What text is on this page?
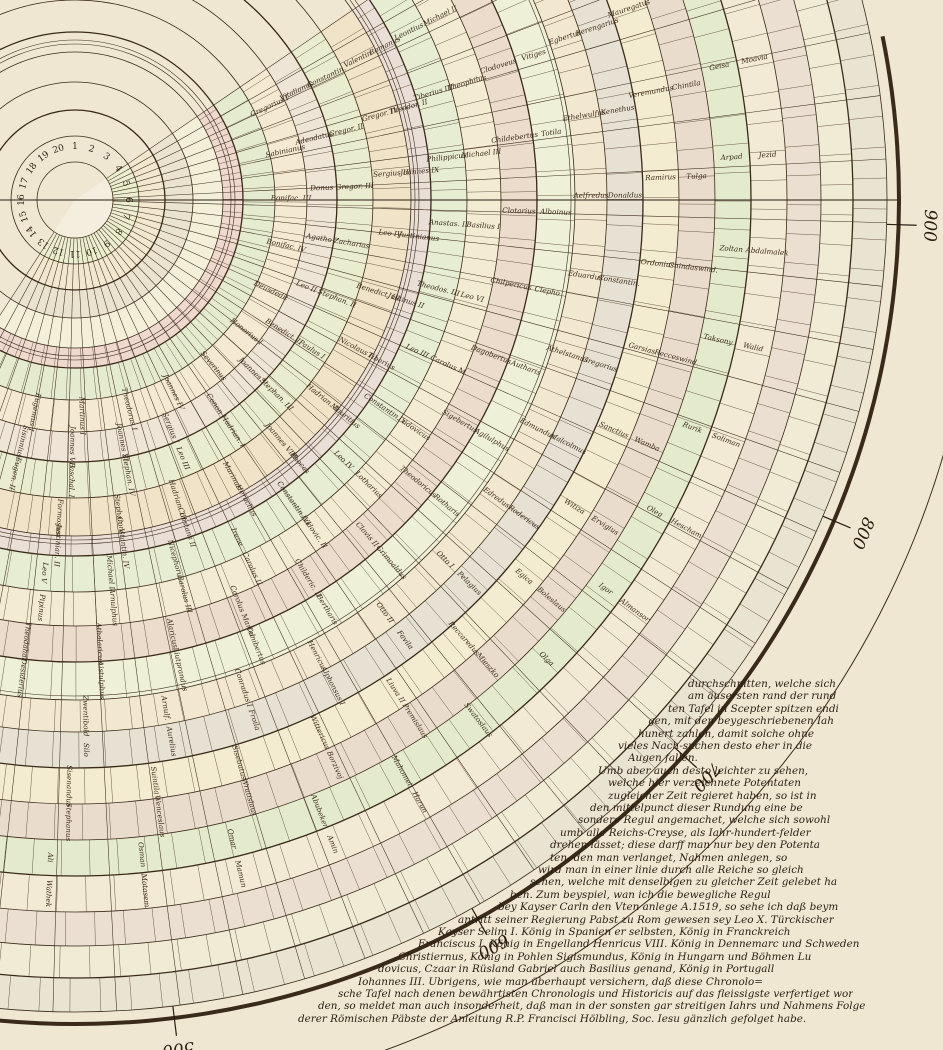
1 2
3
4
5
6
7
8
9
10
11
12
13
14
15
16
17
18
19
20
Gregorius I
Sabinianus
Bonifac. III
Bonifac. IV
Deusdedit
Honorius I
Severinus
Joannes IV
Theodorus I
Martinus I
Eugenius I
Vitalianus
Adeodatus
Donus
Agatho
Leo II
Benedict. II
Joannes V
Conon
Sergius I
Joannes VI
Joannes VII
Sisinnius
Constantin.
Gregor. II
Gregor. III
Zacharias
Stephan. II
Paulus I
Stephan. III
Hadrian. I
Leo III
Stephan. IV
Paschal. I
Eugen. II
Valentin.
Gregor. IV
Sergius II
Leo IV
Benedict. III
Nicolaus I
Hadrian. II
Joannes VIII
Marinus
Hadrian. III
Stephan. V
Formosus
Romanus
Theodor. II
Joannes IX
Justinianus
Justinus II
Tiberius
Mauritius
Phocas
Heraclius
Constans II
Constantin. IV
Justinian. II
Leontius
Tiberius III
Philippicus
Anastas. II
Theodos. III
Leo III
Constantin. V
Leo IV
Constantin. VI
Irene
Nicephorus
Michael I
Leo V
Michael II
Theophilus
Michael III
Basilius I
Leo VI
Carolus M.
Ludovicus
Lotharius
Ludovic. II
Carolus II
Carolus III
Arnulphus
Pipinus
Clodoveus
Childebertus
Clotarius
Chilpericus
Dagobertus
Sigebertus
Theodoricus
Clovis II
Childeric. II
Carolus Martel
Alaricus
Athalaricus
Theodahat
Vitiges
Totila
Alboinus
Clepho
Autharis
Agilulphus
Rotharis
Grimoaldus
Bertharis
Cunibertus
Liutprandus
Aistulphus
Desiderius
Egbertus
Ethelwulfus
Aelfredus
Eduardus
Athelstanus
Edmundus
Edredus
Otto I
Otto II
Henricus
Conradus I
Arnulf.
Zwentibold
Berengarius
Kenethus
Donaldus
Constantin.
Gregorius
Malcolmus
Rodericus
Pelagius
Favila
Alphonsus I
Froila
Aurelius
Silo
Mauregatus
Veremundus
Ramirus
Ordonius
Garsias
Sanctius
Witiza
Egica
Reccaredus
Liuva II
Wittericus
Sisebutus
Suintila
Sisenandus
Chintila
Tulga
Chindaswind.
Recceswind.
Wamba
Ervigius
Boleslaus
Mieszko
Premislaus
Borzivoj
Wratislaus
Wenceslaus
Stephanus
Geisa
Arpad
Zoltan
Taksony
Rurik
Oleg
Igor
Olga
Swatoslaus
Mahomet
Abubeker
Omar
Osman
Ali
Moavia
Jezid
Abdalmalek
Walid
Soliman
Hescham
Almansor
Harun
Amin
Mamun
Motasem
Wathek
500
600
700
800
900
durchschnitten, welche sich
am äusersten rand der rund
ten Tafel in Scepter spitzen endi
gen, mit den beygeschriebenen Iah
hunert zahlen, damit solche ohne
vieles Nach-suchen desto eher in die
Augen fallen.
Umb aber auch desto leichter zu sehen,
welche hier verzeichnete Potentaten
zugleicher Zeit regieret haben, so ist in
den mittelpunct dieser Rundung eine be
sondere Regul angemachet, welche sich sowohl
umb alle Reichs-Creyse, als Iahr-hundert-felder
drehen lässet; diese darff man nur bey den Potenta
ten, den man verlanget, Nahmen anlegen, so
wird man in einer linie durch alle Reiche so gleich
sehen, welche mit denselbigen zu gleicher Zeit gelebet ha
ben. Zum beyspiel, wan ich die bewegliche Regul
bey Kayser Carln den Vten anlege A.1519, so sehe ich daß beym
antritt seiner Regierung Pabst zu Rom gewesen sey Leo X. Türckischer
Kayser Selim I. König in Spanien er selbsten, König in Franckreich
Franciscus I. König in Engelland Henricus VIII. König in Dennemarc und Schweden
Christiernus, König in Pohlen Sigismundus, König in Hungarn und Böhmen Lu
dovicus, Czaar in Rüsland Gabriel auch Basilius genand, König in Portugall
Iohannes III. Ubrigens, wie man überhaupt versichern, daß diese Chronolo=
sche Tafel nach denen bewährtisten Chronologis und Historicis auf das fleissigste verfertiget wor
den, so meldet man auch insonderheit, daß man in der sonsten gar streitigen Iahrs und Nahmens Folge
derer Römischen Päbste der Anleitung R.P. Francisci Hölbling, Soc. Iesu gänzlich gefolget habe.
